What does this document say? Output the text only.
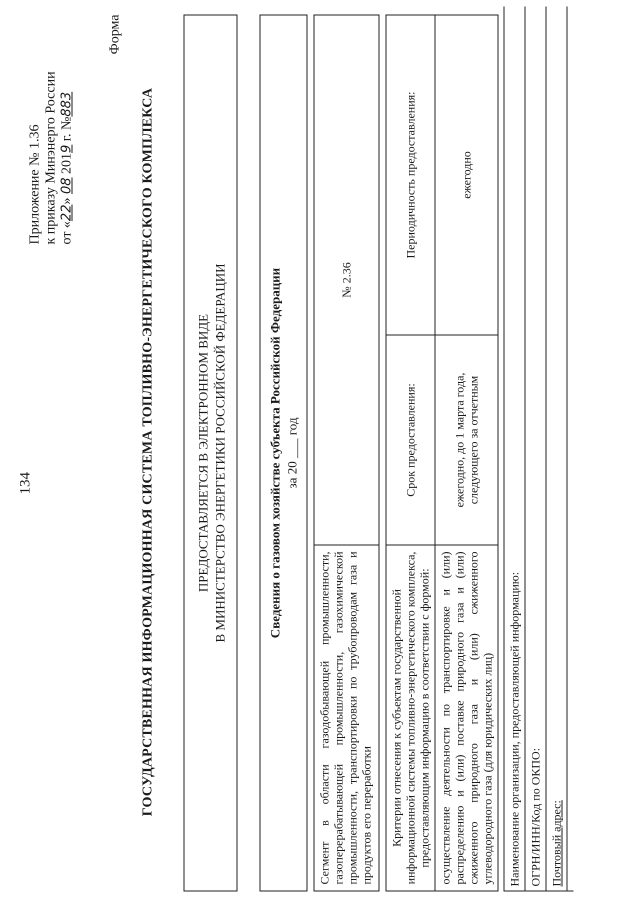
134
Приложение № 1.36 к приказу Минэнерго России от «22» 08 2019 г. №883
Форма
ГОСУДАРСТВЕННАЯ ИНФОРМАЦИОННАЯ СИСТЕМА ТОПЛИВНО-ЭНЕРГЕТИЧЕСКОГО КОМПЛЕКСА	ПРЕДОСТАВЛЯЕТСЯ В ЭЛЕКТРОННОМ ВИДЕ В МИНИСТЕРСТВО ЭНЕРГЕТИКИ РОССИЙСКОЙ ФЕДЕРАЦИИ	Сведения о газовом хозяйстве субъекта Российской Федерации за 20 ___ год
Сегмент в области газодобывающей промышленности, газоперерабатывающей промышленности, газохимической промышленности, транспортировки по трубопроводам газа и продуктов его переработки	№ 2.36
Критерии отнесения к субъектам государственной информационной системы топливно-энергетического комплекса, предоставляющим информацию в соответствии с формой:	Срок предоставления:	Периодичность предоставления:
осуществление деятельности по транспортировке и (или) распределению и (или) поставке природного газа и (или) сжиженного природного газа и (или) сжиженного углеводородного газа (для юридических лиц)	ежегодно, до 1 марта года, следующего за отчетным	ежегодно
Наименование организации, предоставляющей информацию: ОГРН/ИНН/Код по ОКПО: Почтовый адрес:
